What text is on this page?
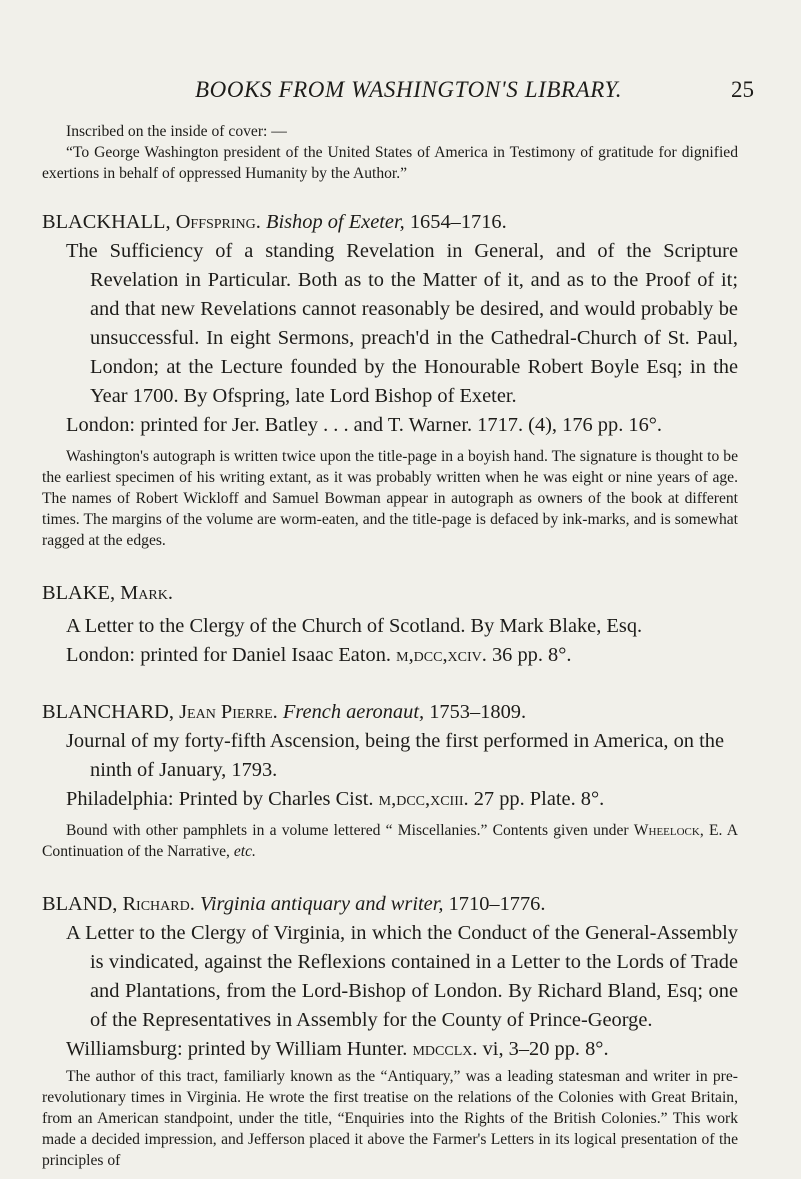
BOOKS FROM WASHINGTON'S LIBRARY.	25

Inscribed on the inside of cover: —

“To George Washington president of the United States of America in Testimony of gratitude for dignified exertions in behalf of oppressed Humanity by the Author.”

BLACKHALL, Offspring. Bishop of Exeter, 1654–1716.

The Sufficiency of a standing Revelation in General, and of the Scripture Revelation in Particular. Both as to the Matter of it, and as to the Proof of it; and that new Revelations cannot reasonably be desired, and would probably be unsuccessful. In eight Sermons, preach'd in the Cathedral-Church of St. Paul, London; at the Lecture founded by the Honourable Robert Boyle Esq; in the Year 1700. By Ofspring, late Lord Bishop of Exeter.

London: printed for Jer. Batley . . . and T. Warner. 1717. (4), 176 pp. 16°.

Washington's autograph is written twice upon the title-page in a boyish hand. The signature is thought to be the earliest specimen of his writing extant, as it was probably written when he was eight or nine years of age. The names of Robert Wickloff and Samuel Bowman appear in autograph as owners of the book at different times. The margins of the volume are worm-eaten, and the title-page is defaced by ink-marks, and is somewhat ragged at the edges.

BLAKE, Mark.

A Letter to the Clergy of the Church of Scotland. By Mark Blake, Esq.

London: printed for Daniel Isaac Eaton. m,dcc,xciv. 36 pp. 8°.

BLANCHARD, Jean Pierre. French aeronaut, 1753–1809.

Journal of my forty-fifth Ascension, being the first performed in America, on the ninth of January, 1793.

Philadelphia: Printed by Charles Cist. m,dcc,xciii. 27 pp. Plate. 8°.

Bound with other pamphlets in a volume lettered “ Miscellanies.” Contents given under Wheelock, E. A Continuation of the Narrative, etc.

BLAND, Richard. Virginia antiquary and writer, 1710–1776.

A Letter to the Clergy of Virginia, in which the Conduct of the General-Assembly is vindicated, against the Reflexions contained in a Letter to the Lords of Trade and Plantations, from the Lord-Bishop of London. By Richard Bland, Esq; one of the Representatives in Assembly for the County of Prince-George.

Williamsburg: printed by William Hunter. mdcclx. vi, 3–20 pp. 8°.

The author of this tract, familiarly known as the “Antiquary,” was a leading statesman and writer in pre-revolutionary times in Virginia. He wrote the first treatise on the relations of the Colonies with Great Britain, from an American standpoint, under the title, “Enquiries into the Rights of the British Colonies.” This work made a decided impression, and Jefferson placed it above the Farmer's Letters in its logical presentation of the principles of
